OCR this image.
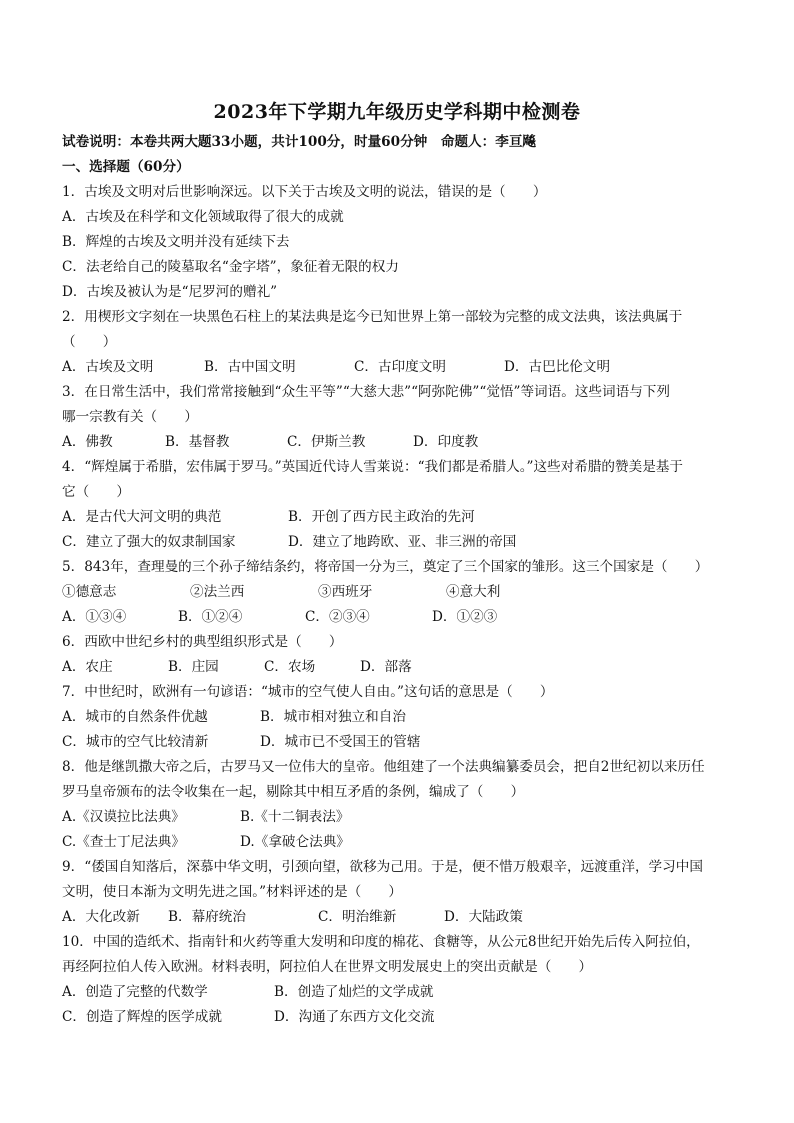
2023年下学期九年级历史学科期中检测卷
试卷说明：本卷共两大题33小题，共计100分，时量60分钟　命题人：李亘飚
一、选择题（60分）
1．古埃及文明对后世影响深远。以下关于古埃及文明的说法，错误的是（　　）
A．古埃及在科学和文化领域取得了很大的成就
B．辉煌的古埃及文明并没有延续下去
C．法老给自己的陵墓取名“金字塔”，象征着无限的权力
D．古埃及被认为是“尼罗河的赠礼”
2．用楔形文字刻在一块黑色石柱上的某法典是迄今已知世界上第一部较为完整的成文法典，该法典属于
（　　）
A．古埃及文明	B．古中国文明	C．古印度文明	D．古巴比伦文明
3．在日常生活中，我们常常接触到“众生平等”“大慈大悲”“阿弥陀佛”“觉悟”等词语。这些词语与下列
哪一宗教有关（　　）
A．佛教	B．基督教	C．伊斯兰教	D．印度教
4．“辉煌属于希腊，宏伟属于罗马。”英国近代诗人雪莱说：“我们都是希腊人。”这些对希腊的赞美是基于
它（　　）
A．是古代大河文明的典范	B．开创了西方民主政治的先河
C．建立了强大的奴隶制国家	D．建立了地跨欧、亚、非三洲的帝国
5．843年，查理曼的三个孙子缔结条约，将帝国一分为三，奠定了三个国家的雏形。这三个国家是（　　）
①德意志	②法兰西	③西班牙	④意大利
A．①③④	B．①②④	C．②③④	D．①②③
6．西欧中世纪乡村的典型组织形式是（　　）
A．农庄	B．庄园	C．农场	D．部落
7．中世纪时，欧洲有一句谚语：“城市的空气使人自由。”这句话的意思是（　　）
A．城市的自然条件优越	B．城市相对独立和自治
C．城市的空气比较清新	D．城市已不受国王的管辖
8．他是继凯撒大帝之后，古罗马又一位伟大的皇帝。他组建了一个法典编纂委员会，把自2世纪初以来历任
罗马皇帝颁布的法令收集在一起，剔除其中相互矛盾的条例，编成了（　　）
A.《汉谟拉比法典》	B.《十二铜表法》
C.《查士丁尼法典》	D.《拿破仑法典》
9．“倭国自知落后，深慕中华文明，引颈向望，欲移为己用。于是，便不惜万般艰辛，远渡重洋，学习中国
文明，使日本渐为文明先进之国。”材料评述的是（　　）
A．大化改新 B．幕府统治	C．明治维新	D．大陆政策
10．中国的造纸术、指南针和火药等重大发明和印度的棉花、食糖等，从公元8世纪开始先后传入阿拉伯，
再经阿拉伯人传入欧洲。材料表明，阿拉伯人在世界文明发展史上的突出贡献是（　　）
A．创造了完整的代数学	B．创造了灿烂的文学成就
C．创造了辉煌的医学成就	D．沟通了东西方文化交流
